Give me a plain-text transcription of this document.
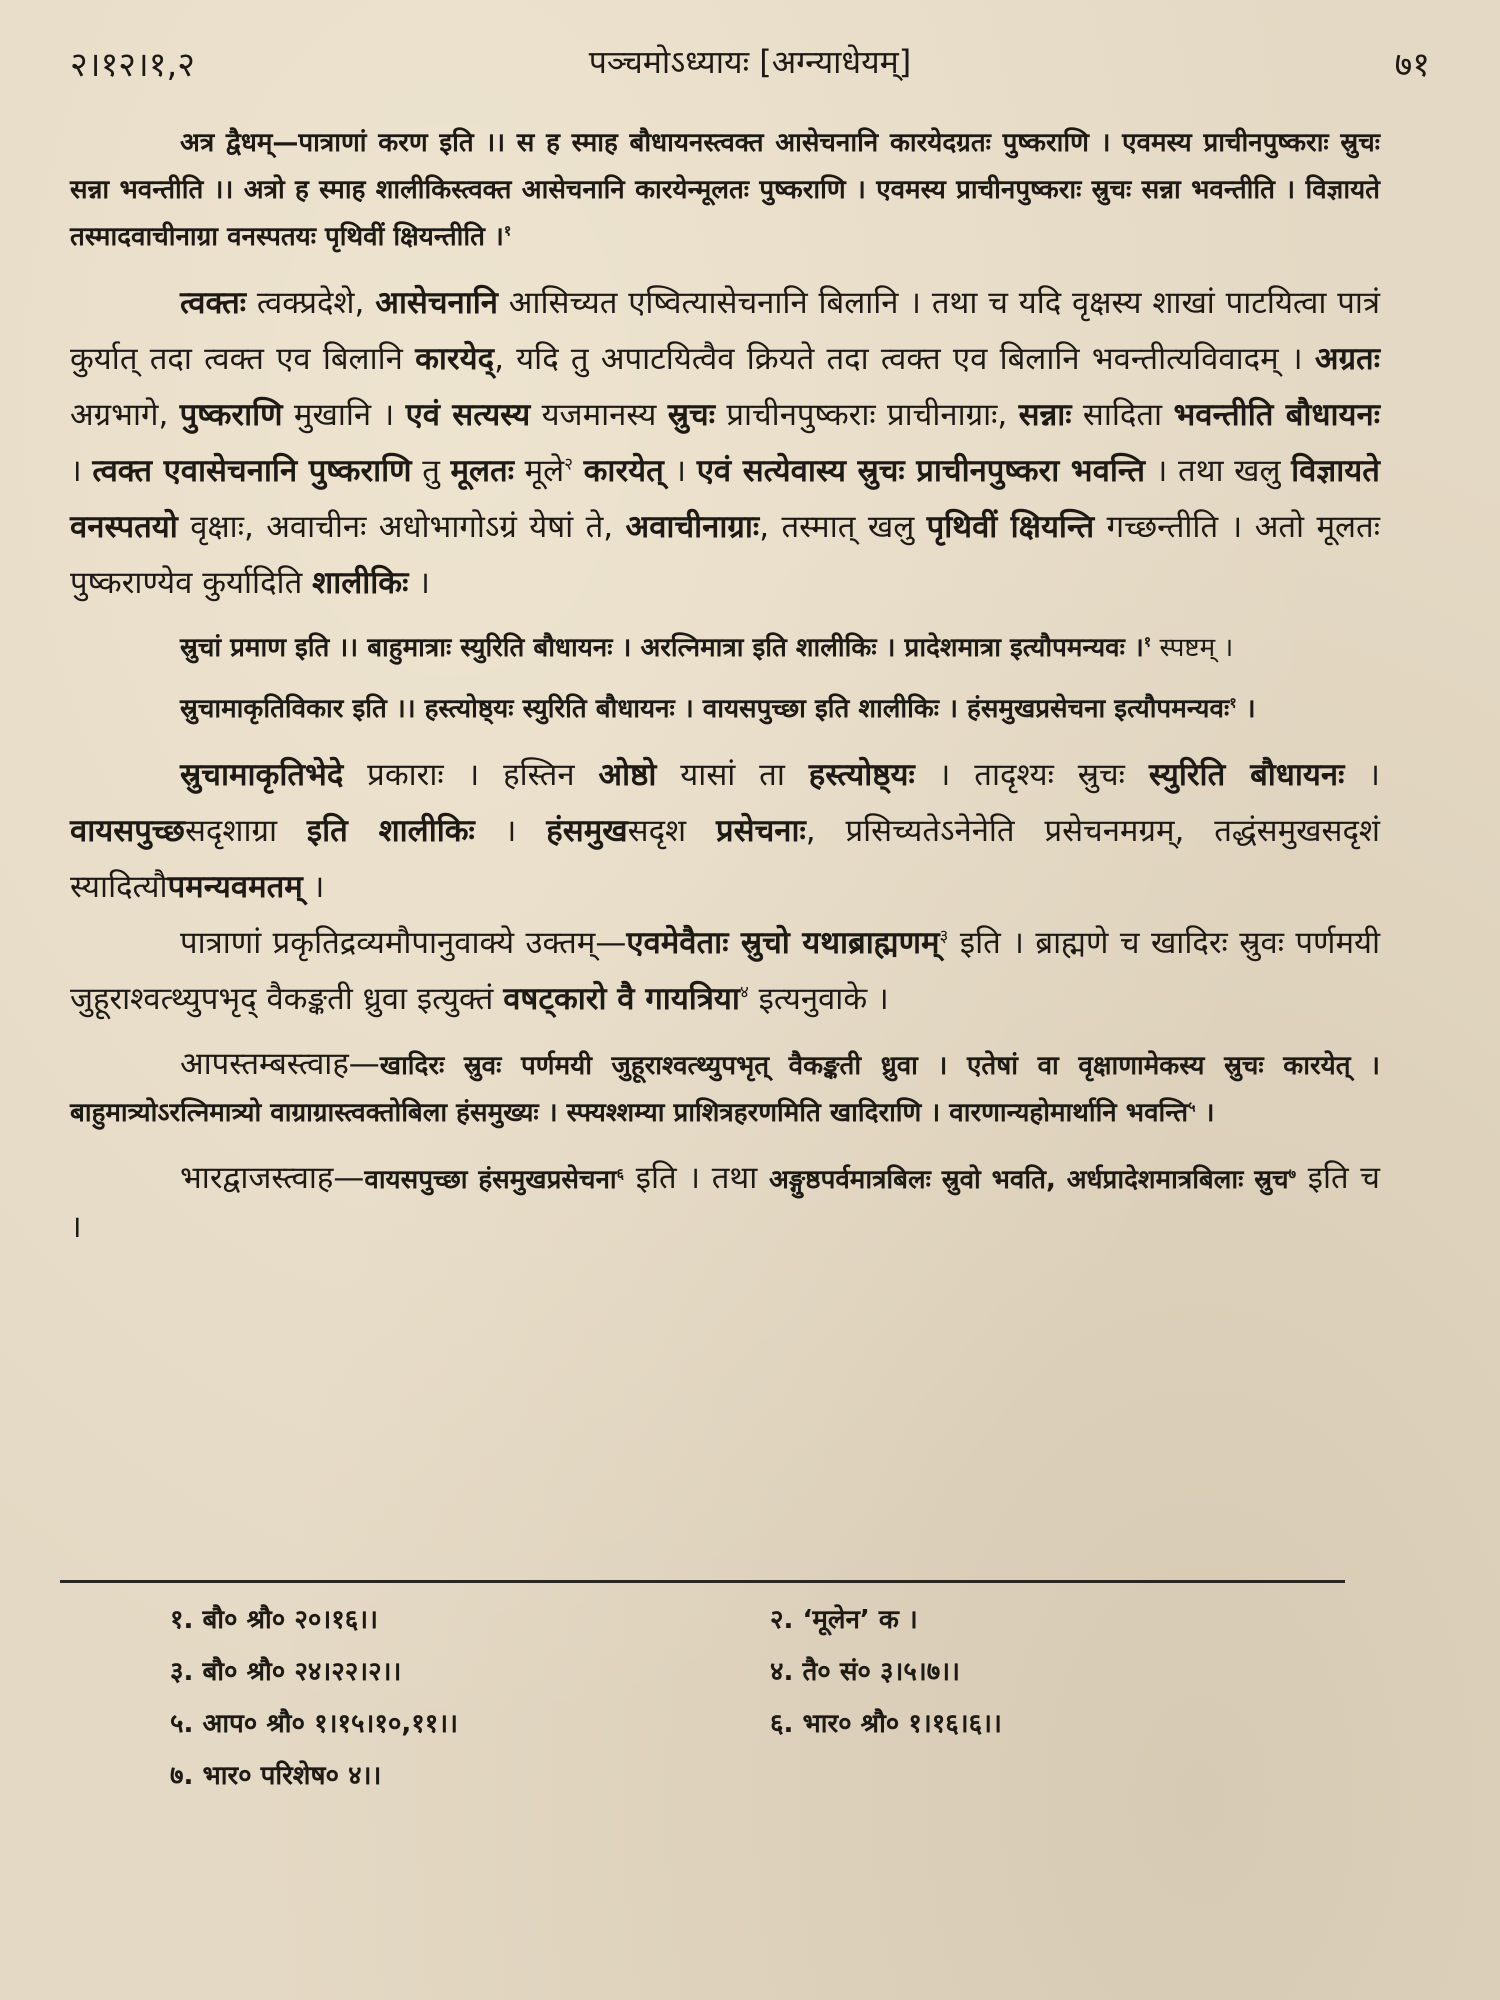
२।१२।१,२	पञ्चमोऽध्यायः [अग्न्याधेयम्]	७१

अत्र द्वैधम्—पात्राणां करण इति ।। स ह स्माह बौधायनस्त्वक्त आसेचनानि कारयेदग्रतः पुष्कराणि । एवमस्य प्राचीनपुष्कराः स्रुचः सन्ना भवन्तीति ।। अत्रो ह स्माह शालीकिस्त्वक्त आसेचनानि कारयेन्मूलतः पुष्कराणि । एवमस्य प्राचीनपुष्कराः स्रुचः सन्ना भवन्तीति । विज्ञायते तस्मादवाचीनाग्रा वनस्पतयः पृथिवीं क्षियन्तीति ।$^१$

त्वक्तः त्वक्प्रदेशे, आसेचनानि आसिच्यत एष्वित्यासेचनानि बिलानि । तथा च यदि वृक्षस्य शाखां पाटयित्वा पात्रं कुर्यात् तदा त्वक्त एव बिलानि कारयेद्, यदि तु अपाटयित्वैव क्रियते तदा त्वक्त एव बिलानि भवन्तीत्यविवादम् । अग्रतः अग्रभागे, पुष्कराणि मुखानि । एवं सत्यस्य यजमानस्य स्रुचः प्राचीनपुष्कराः प्राचीनाग्राः, सन्नाः सादिता भवन्तीति बौधायनः । त्वक्त एवासेचनानि पुष्कराणि तु मूलतः मूले$^२$ कारयेत् । एवं सत्येवास्य स्रुचः प्राचीनपुष्करा भवन्ति । तथा खलु विज्ञायते वनस्पतयो वृक्षाः, अवाचीनः अधोभागोऽग्रं येषां ते, अवाचीनाग्राः, तस्मात् खलु पृथिवीं क्षियन्ति गच्छन्तीति । अतो मूलतः पुष्कराण्येव कुर्यादिति शालीकिः ।

स्रुचां प्रमाण इति ।। बाहुमात्राः स्युरिति बौधायनः । अरत्निमात्रा इति शालीकिः । प्रादेशमात्रा इत्यौपमन्यवः ।$^१$ स्पष्टम् ।

स्रुचामाकृतिविकार इति ।। हस्त्योष्ठ्यः स्युरिति बौधायनः । वायसपुच्छा इति शालीकिः । हंसमुखप्रसेचना इत्यौपमन्यवः$^१$ ।

स्रुचामाकृतिभेदे प्रकाराः । हस्तिन ओष्ठो यासां ता हस्त्योष्ठ्यः । तादृश्यः स्रुचः स्युरिति बौधायनः । वायसपुच्छसदृशाग्रा इति शालीकिः । हंसमुखसदृश प्रसेचनाः, प्रसिच्यतेऽनेनेति प्रसेचनमग्रम्, तद्धंसमुखसदृशं स्यादित्यौपमन्यवमतम् ।

पात्राणां प्रकृतिद्रव्यमौपानुवाक्ये उक्तम्—एवमेवैताः स्रुचो यथाब्राह्मणम्$^३$ इति । ब्राह्मणे च खादिरः स्रुवः पर्णमयी जुहूराश्वत्थ्युपभृद् वैकङ्कती ध्रुवा इत्युक्तं वषट्कारो वै गायत्रिया$^४$ इत्यनुवाके ।

आपस्तम्बस्त्वाह—खादिरः स्रुवः पर्णमयी जुहूराश्वत्थ्युपभृत् वैकङ्कती ध्रुवा । एतेषां वा वृक्षाणामेकस्य स्रुचः कारयेत् । बाहुमात्र्योऽरत्निमात्र्यो वाग्राग्रास्त्वक्तोबिला हंसमुख्यः । स्फ्यश्शम्या प्राशित्रहरणमिति खादिराणि । वारणान्यहोमार्थानि भवन्ति$^५$ ।

भारद्वाजस्त्वाह—वायसपुच्छा हंसमुखप्रसेचना$^६$ इति । तथा अङ्गुष्ठपर्वमात्रबिलः स्रुवो भवति, अर्धप्रादेशमात्रबिलाः स्रुच$^७$ इति च ।

१. बौ० श्रौ० २०।१६।।	२. ‘मूलेन’ क ।
३. बौ० श्रौ० २४।२२।२।।	४. तै० सं० ३।५।७।।
५. आप० श्रौ० १।१५।१०,११।।	६. भार० श्रौ० १।१६।६।।
७. भार० परिशेष० ४।।
